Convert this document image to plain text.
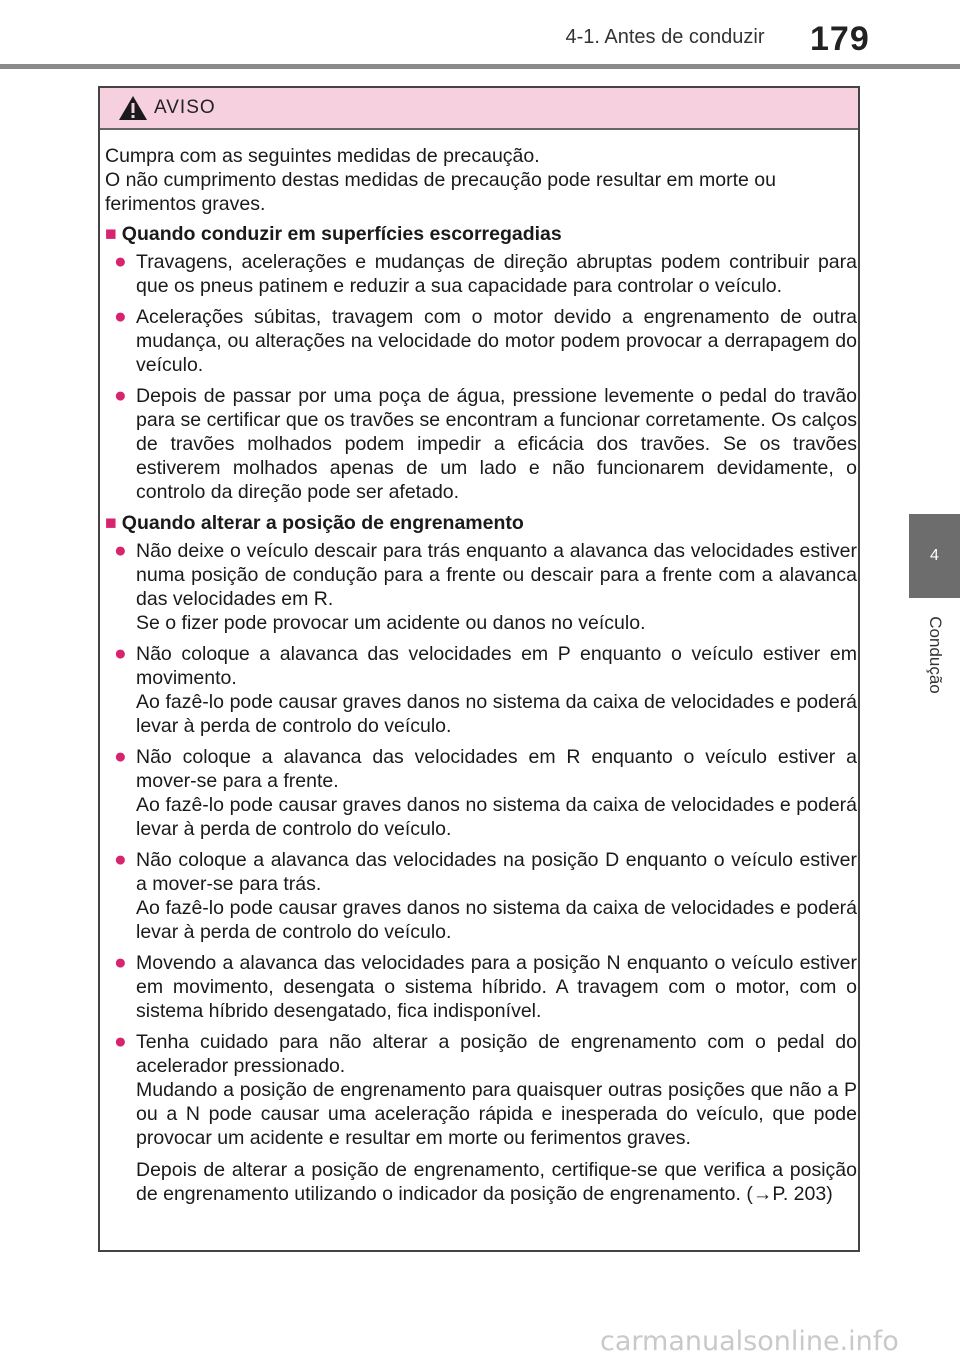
4-1. Antes de conduzir 179
4
Condução
AVISO
Cumpra com as seguintes medidas de precaução.
O não cumprimento destas medidas de precaução pode resultar em morte ou ferimentos graves.
■ Quando conduzir em superfícies escorregadias
● Travagens, acelerações e mudanças de direção abruptas podem contribuir para que os pneus patinem e reduzir a sua capacidade para controlar o veículo.

● Acelerações súbitas, travagem com o motor devido a engrenamento de outra mudança, ou alterações na velocidade do motor podem provocar a derrapagem do veículo.

● Depois de passar por uma poça de água, pressione levemente o pedal do travão para se certificar que os travões se encontram a funcionar corretamente. Os calços de travões molhados podem impedir a eficácia dos travões. Se os travões estiverem molhados apenas de um lado e não funcionarem devidamente, o controlo da direção pode ser afetado.

■ Quando alterar a posição de engrenamento
● Não deixe o veículo descair para trás enquanto a alavanca das velocidades estiver numa posição de condução para a frente ou descair para a frente com a alavanca das velocidades em R.

Se o fizer pode provocar um acidente ou danos no veículo.

● Não coloque a alavanca das velocidades em P enquanto o veículo estiver em movimento.

Ao fazê-lo pode causar graves danos no sistema da caixa de velocidades e poderá levar à perda de controlo do veículo.

● Não coloque a alavanca das velocidades em R enquanto o veículo estiver a mover-se para a frente.

Ao fazê-lo pode causar graves danos no sistema da caixa de velocidades e poderá levar à perda de controlo do veículo.

● Não coloque a alavanca das velocidades na posição D enquanto o veículo estiver a mover-se para trás.

Ao fazê-lo pode causar graves danos no sistema da caixa de velocidades e poderá levar à perda de controlo do veículo.

● Movendo a alavanca das velocidades para a posição N enquanto o veículo estiver em movimento, desengata o sistema híbrido. A travagem com o motor, com o sistema híbrido desengatado, fica indisponível.

● Tenha cuidado para não alterar a posição de engrenamento com o pedal do acelerador pressionado.

Mudando a posição de engrenamento para quaisquer outras posições que não a P ou a N pode causar uma aceleração rápida e inesperada do veículo, que pode provocar um acidente e resultar em morte ou ferimentos graves.

Depois de alterar a posição de engrenamento, certifique-se que verifica a posição de engrenamento utilizando o indicador da posição de engrenamento. (→P. 203)

carmanualsonline.info
